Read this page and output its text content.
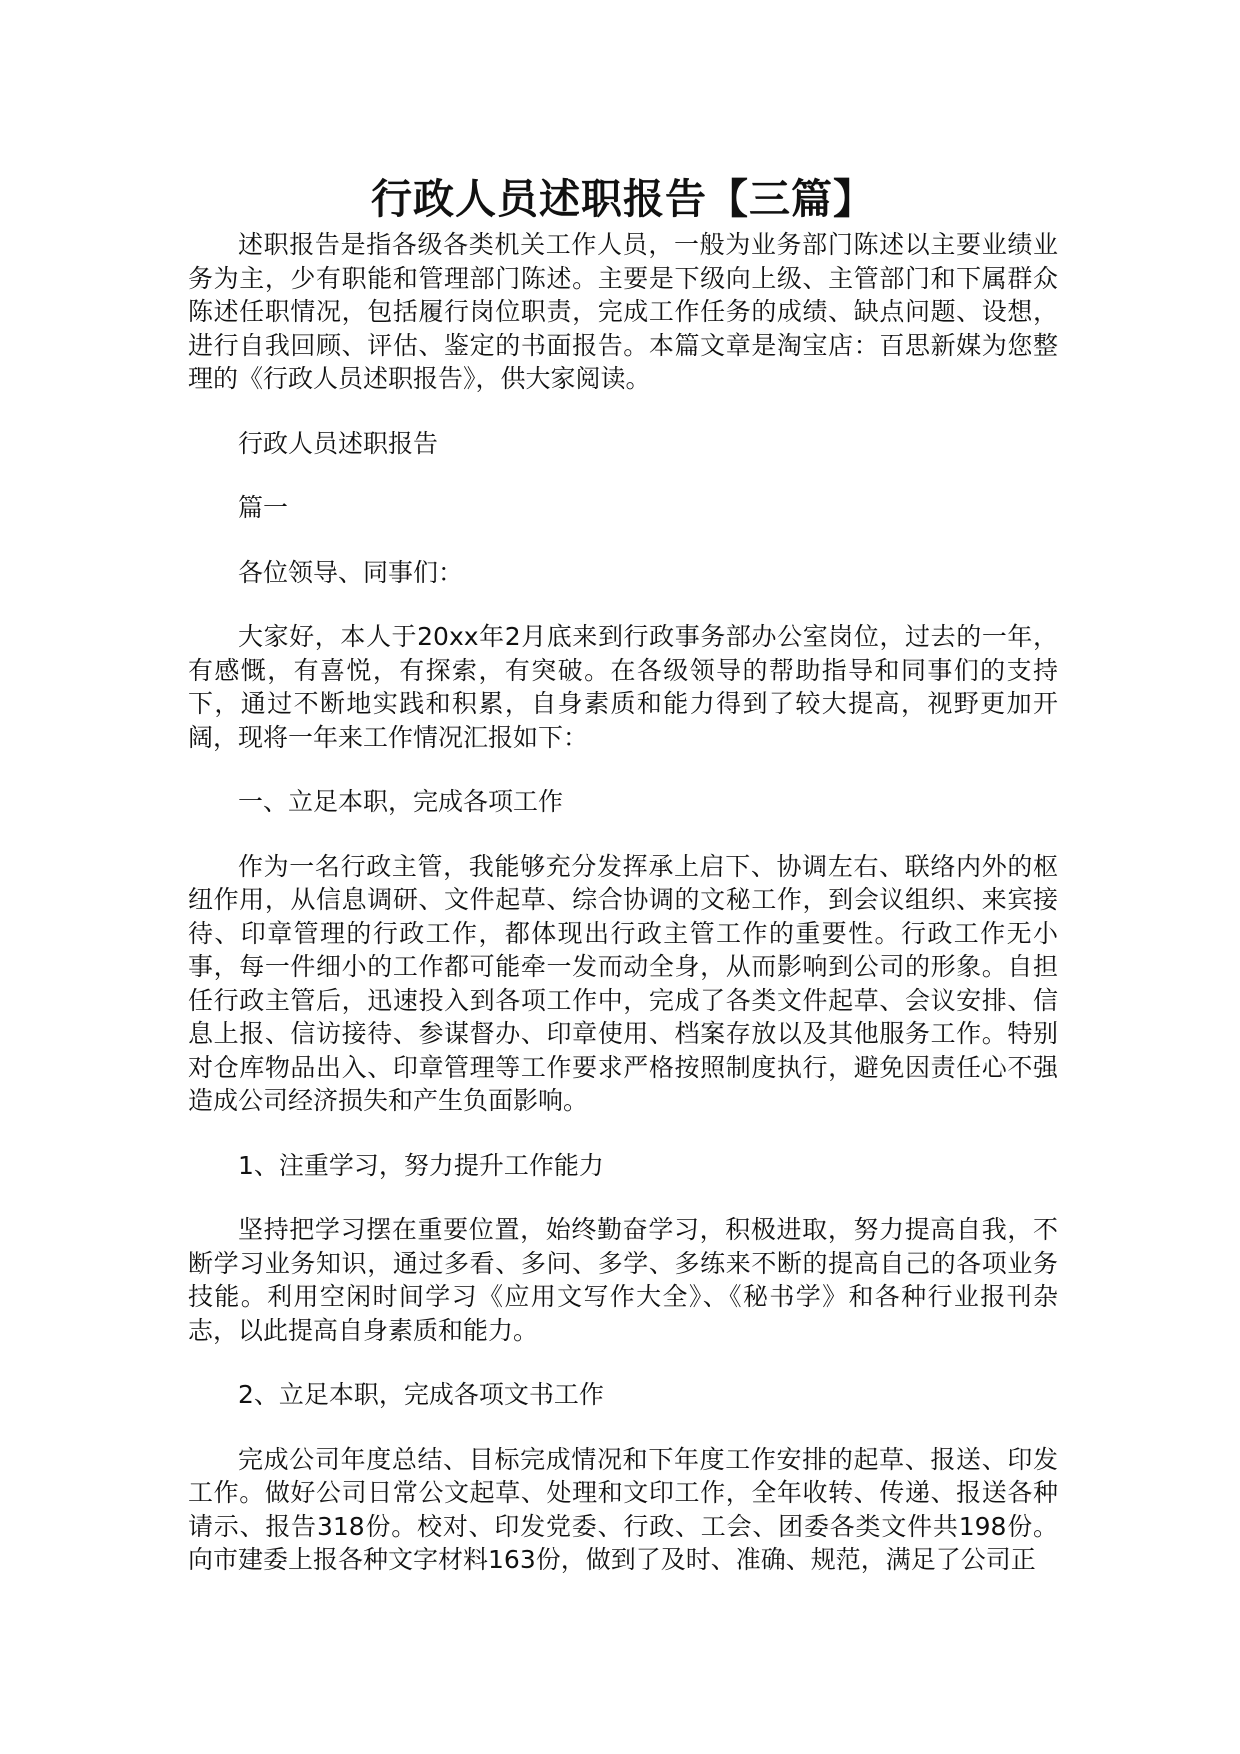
行政人员述职报告【三篇】

述职报告是指各级各类机关工作人员，一般为业务部门陈述以主要业绩业务为主，少有职能和管理部门陈述。主要是下级向上级、主管部门和下属群众陈述任职情况，包括履行岗位职责，完成工作任务的成绩、缺点问题、设想，进行自我回顾、评估、鉴定的书面报告。本篇文章是淘宝店：百思新媒为您整理的《行政人员述职报告》，供大家阅读。

行政人员述职报告

篇一

各位领导、同事们：

大家好，本人于20xx年2月底来到行政事务部办公室岗位，过去的一年，有感慨，有喜悦，有探索，有突破。在各级领导的帮助指导和同事们的支持下，通过不断地实践和积累，自身素质和能力得到了较大提高，视野更加开阔，现将一年来工作情况汇报如下：

一、立足本职，完成各项工作

作为一名行政主管，我能够充分发挥承上启下、协调左右、联络内外的枢纽作用，从信息调研、文件起草、综合协调的文秘工作，到会议组织、来宾接待、印章管理的行政工作，都体现出行政主管工作的重要性。行政工作无小事，每一件细小的工作都可能牵一发而动全身，从而影响到公司的形象。自担任行政主管后，迅速投入到各项工作中，完成了各类文件起草、会议安排、信息上报、信访接待、参谋督办、印章使用、档案存放以及其他服务工作。特别对仓库物品出入、印章管理等工作要求严格按照制度执行，避免因责任心不强造成公司经济损失和产生负面影响。

1、注重学习，努力提升工作能力

坚持把学习摆在重要位置，始终勤奋学习，积极进取，努力提高自我，不断学习业务知识，通过多看、多问、多学、多练来不断的提高自己的各项业务技能。利用空闲时间学习《应用文写作大全》、《秘书学》和各种行业报刊杂志，以此提高自身素质和能力。

2、立足本职，完成各项文书工作

完成公司年度总结、目标完成情况和下年度工作安排的起草、报送、印发工作。做好公司日常公文起草、处理和文印工作，全年收转、传递、报送各种请示、报告318份。校对、印发党委、行政、工会、团委各类文件共198份。向市建委上报各种文字材料163份，做到了及时、准确、规范，满足了公司正
